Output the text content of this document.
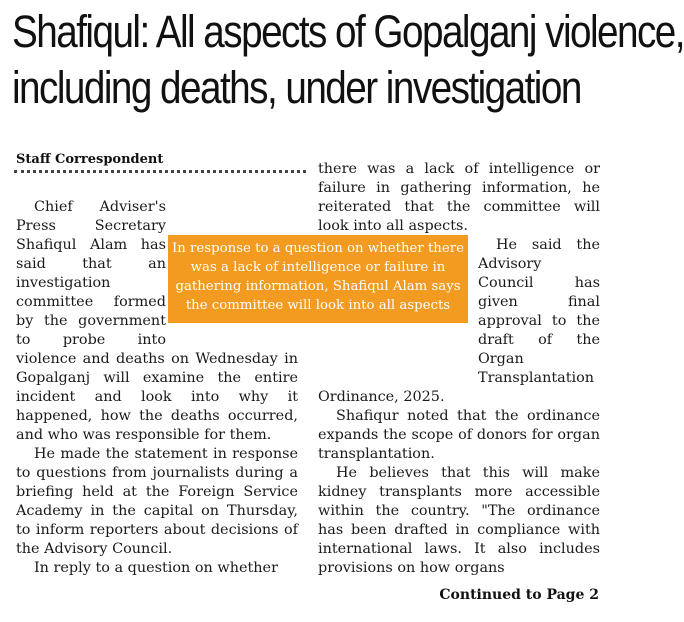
Shafiqul: All aspects of Gopalganj violence,
including deaths, under investigation
Staff Correspondent

Chief Adviser's Press Secretary Shafiqul Alam has said that an investigation committee formed by the government to probe into violence and deaths on Wednesday in Gopalganj will examine the entire incident and look into why it happened, how the deaths occurred, and who was responsible for them.

He made the statement in response to questions from journalists during a briefing held at the Foreign Service Academy in the capital on Thursday, to inform reporters about decisions of the Advisory Council.

In reply to a question on whether

there was a lack of intelligence or failure in gathering information, he reiterated that the committee will look into all aspects.

He said the Advisory Council has given final approval to the draft of the Organ Transplantation Ordinance, 2025.

Shafiqur noted that the ordinance expands the scope of donors for organ transplantation.

He believes that this will make kidney transplants more accessible within the country. "The ordinance has been drafted in compliance with international laws. It also includes provisions on how organs

In response to a question on whether there was a lack of intelligence or failure in gathering information, Shafiqul Alam says the committee will look into all aspects
Continued to Page 2
